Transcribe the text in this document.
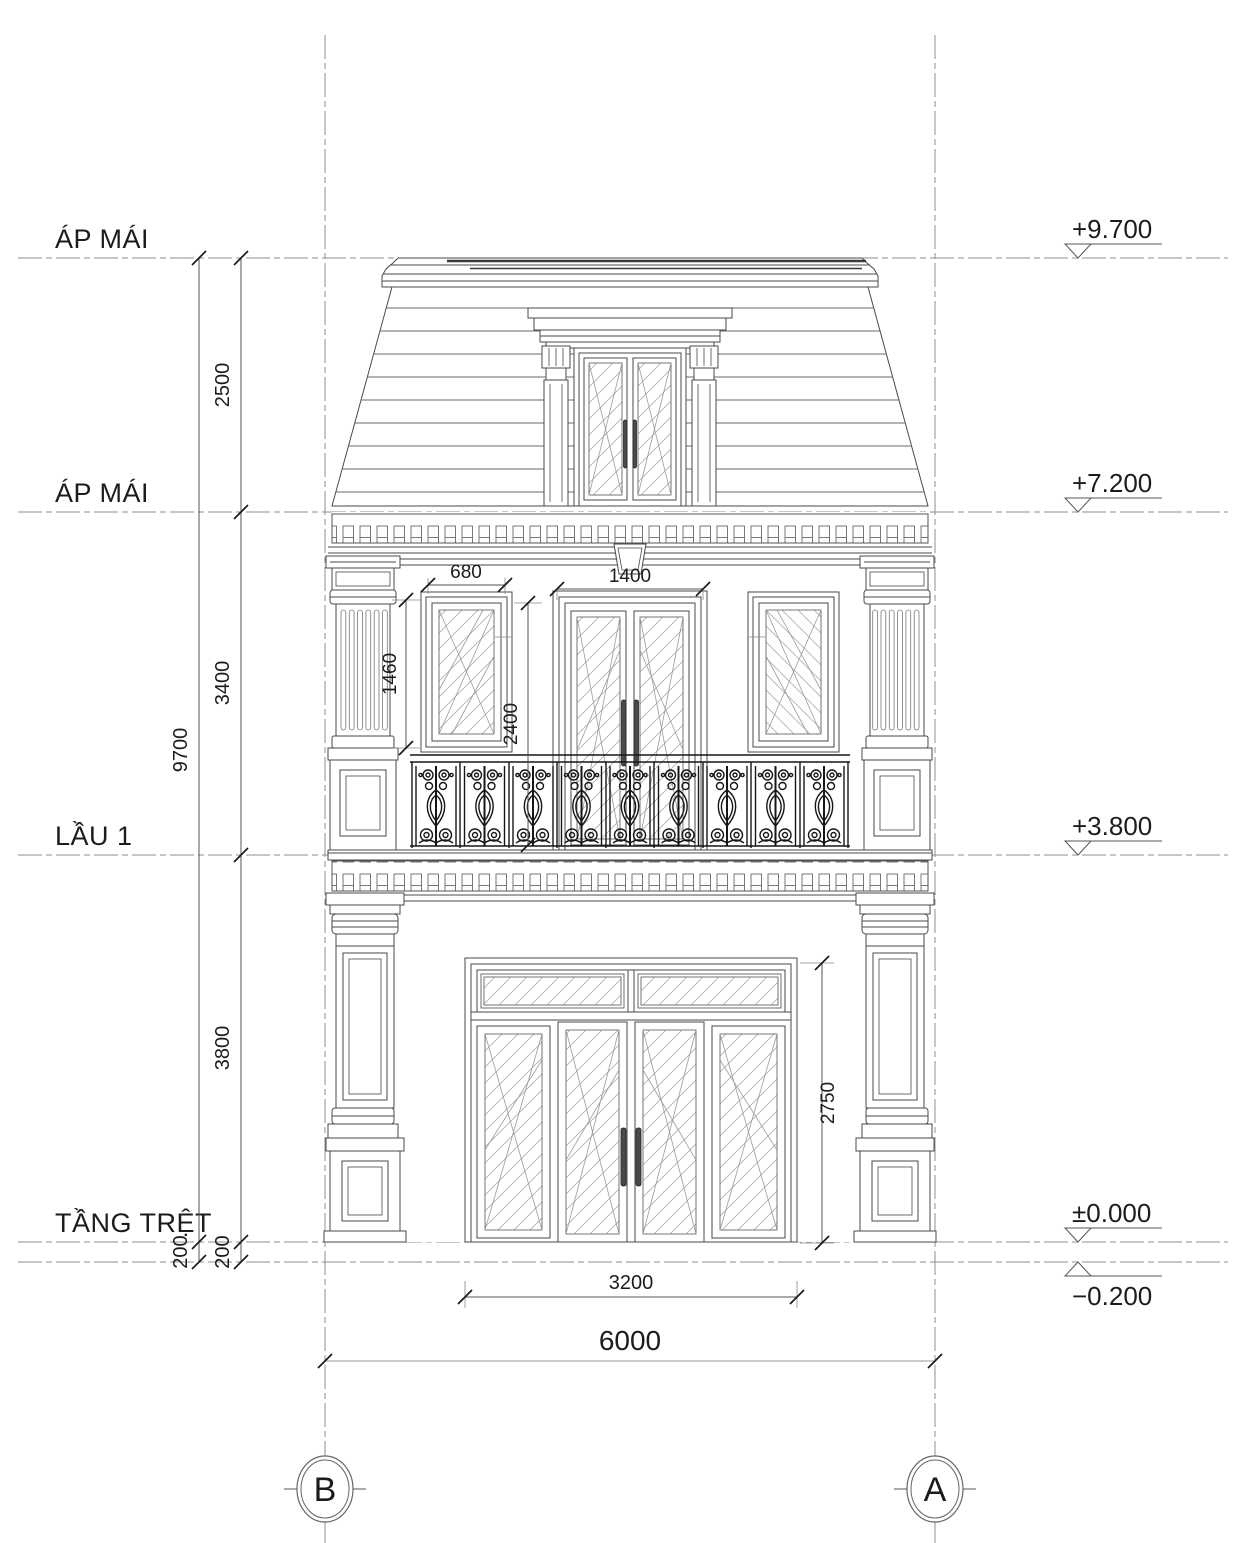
ÁP MÁI
ÁP MÁI
LẦU 1
TẦNG TRỆT
+9.700
+7.200
+3.800
±0.000
−0.200
9700
2500
3400
3800
200 200
680	1400
1460
2400
2750
3200
6000
B	A
